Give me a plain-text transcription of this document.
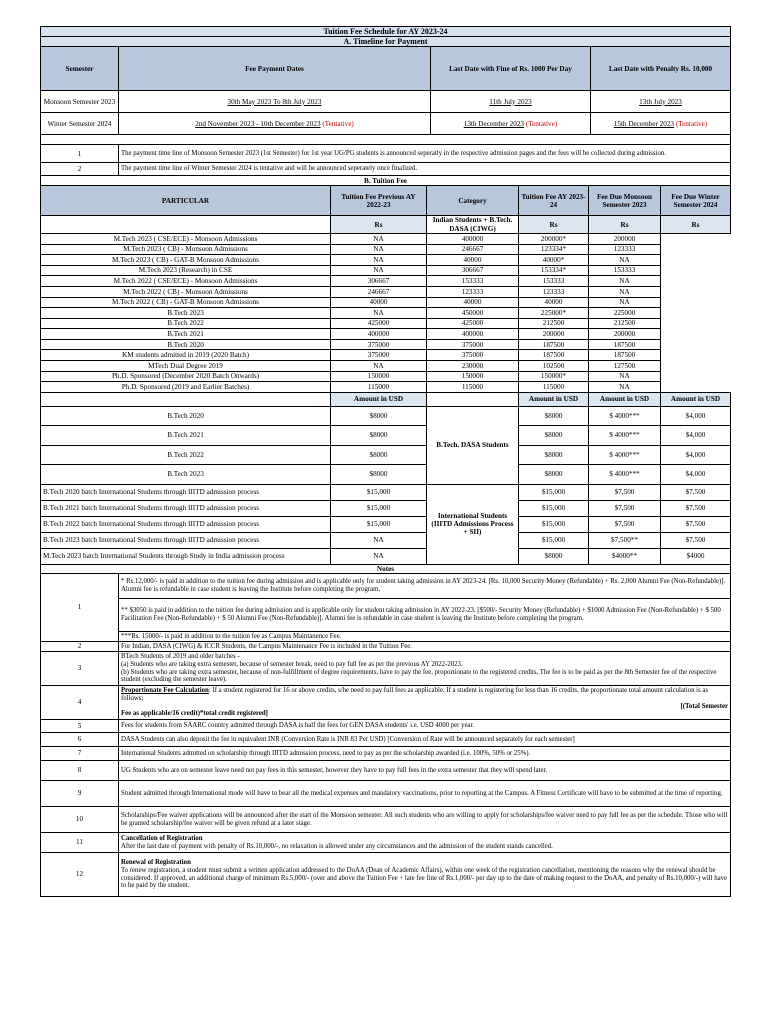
Tuition Fee Schedule for AY 2023-24			
A. Timeline for Payment			
Semester	Fee Payment Dates	Last Date with Fine of Rs. 1000 Per Day	Last Date with Penalty Rs. 10,000
Monsoon Semester 2023	30th May 2023 To 8th July 2023	11th July 2023	13th July 2023
Winter Semester 2024	2nd November 2023 - 10th December 2023 (Tentative)	13th December 2023 (Tentative)	15th December 2023 (Tentative)

1	The payment time line of Monsoon Semester 2023 (1st Semester) for 1st year UG/PG students is announced seperatly in the respective admission pages and the fees will be collected during admission.		
2	The payment time line of Winter Semester 2024 is tentative and will be announced seperately once finalized.		
B. Tuition Fee			
PARTICULAR	Tuition Fee Previous AY 2022-23	Category	Tuition Fee AY 2023-24	Fee Due Monsoon Semester 2023	Fee Due Winter Semester 2024
	Rs	Indian Students + B.Tech. DASA (CIWG)	Rs	Rs	Rs
M.Tech 2023 ( CSE/ECE) - Monsoon Admissions	NA	400000	200000*	200000	
M.Tech 2023 ( CB) - Monsoon Admissions	NA	246667	123334*	123333	
M.Tech 2023 ( CB) - GAT-B Monsoon Admissions	NA	40000	40000*	NA	
M.Tech 2023 (Research) in CSE	NA	306667	153334*	153333	
M.Tech 2022 ( CSE/ECE) - Monsoon Admissions	306667	153333	153333	NA	
M.Tech 2022 ( CB) - Monsoon Admissions	246667	123333	123333	NA	
M.Tech 2022 ( CB) - GAT-B Monsoon Admissions	40000	40000	40000	NA	
B.Tech 2023	NA	450000	225000*	225000	
B.Tech 2022	425000	425000	212500	212500	
B.Tech 2021	400000	400000	200000	200000	
B.Tech 2020	375000	375000	187500	187500	
KM students admitted in 2019 (2020 Batch)	375000	375000	187500	187500	
MTech Dual Degree 2019	NA	230000	102500	127500	
Ph.D. Sponsored (December 2020 Batch Onwards)	150000	150000	150000*	NA	
Ph.D. Sponsored (2019 and Earlier Batches)	115000	115000	115000	NA	
	Amount in USD		Amount in USD	Amount in USD	Amount in USD
B.Tech 2020	$8000	B.Tech. DASA Students	$8000	$ 4000***	$4,000
B.Tech 2021	$8000		$8000	$ 4000***	$4,000
B.Tech 2022	$8000		$8000	$ 4000***	$4,000
B.Tech 2023	$8000		$8000	$ 4000***	$4,000
B.Tech 2020 batch International Students through IIITD admission process	$15,000	International Students (IIITD Admissions Process + SII)	$15,000	$7,500	$7,500
B.Tech 2021 batch International Students through IIITD admission process	$15,000		$15,000	$7,500	$7,500
B.Tech 2022 batch International Students through IIITD admission process	$15,000		$15,000	$7,500	$7,500
B.Tech 2023 batch International Students through IIITD admission process	NA		$15,000	$7,500**	$7,500
M.Tech 2023 batch International Students through Study in India admission process	NA		$8000	$4000**	$4000
Notes	
1	* Rs.12,000/- is paid in addition to the tuition fee during admission and is applicable only for student taking admission in AY 2023-24. [Rs. 10,000 Security Money (Refundable) + Rs. 2,000 Alumni Fee (Non-Refundable)]. Alumni fee is refundable in case student is leaving the Institute before completing the program.
	** $3050 is paid in addition to the tuition fee during admission and is applicable only for student taking admission in AY 2022-23. [$500/- Security Money (Refundable) + $1000 Admission Fee (Non-Refundable) + $ 500 Facilitation Fee (Non-Refundable) + $ 50 Alumni Fee (Non-Refundable)]. Alumni fee is refundable in case student is leaving the Institute before completing the program.
	***Rs. 15000/- is paid in addition to the tuition fee as Campus Maintanence Fee.
2	For Indian, DASA (CIWG) & ICCR Students, the Campus Maintenance Fee is included in the Tuition Fee.
3	BTech Students of 2019 and older batches -
(a) Students who are taking extra semester, because of semester break, need to pay full fee as per the previous AY 2022-2023.
(b) Students who are taking extra semester, because of non-fulfillment of degree requirements, have to pay the fee, proportionate to the registered credits, The fee is to be paid as per the 8th Semester fee of the respective student (excluding the semester leave).

4	Proportionate Fee Calculation: If a student registered for 16 or above credits, s/he need to pay full fees as applicable. If a student is registering for less than 16 credits, the proportionate total amount calculation is as follows;
[(Total Semester
Fee as applicable/16 credit)*total credit registered]

5	Fees for students from SAARC country admitted through DASA is half the fees for GEN DASA students' i.e. USD 4000 per year.
6	DASA Students can also deposit the fee in equivalent INR (Conversion Rate is INR 83 Per USD) [Conversion of Rate will be announced separately for each semester]
7	International Students admitted on scholarship through IIITD admission process, need to pay as per the scholarship awarded (i.e. 100%, 50% or 25%).
8	UG Students who are on semester leave need not pay fees in this semester, however they have to pay full fees in the extra semester that they will spend later.
9	Student admitted through International mode will have to bear all the medical expenses and mandatory vaccinations, prior to reporting at the Campus. A Fitness Certificate will have to be submitted at the time of reporting.
10	Scholarships/Fee waiver applications will be announced after the start of the Monsoon semester. All such students who are willing to apply for scholarships/fee waiver need to pay full fee as per the schedule. Those who will be granted scholarship/fee waiver will be given refund at a later stage.
11	Cancellation of Registration
After the last date of payment with penalty of Rs.10,000/-, no relaxation is allowed under any circumstances and the admission of the student stands cancelled.

12	Renewal of Registration
To renew registration, a student must submit a written application addressed to the DoAA (Dean of Academic Affairs), within one week of the registration cancellation, mentioning the reasons why the renewal should be considered. If approved, an additional charge of minimum Rs.5,000/- (over and above the Tuition Fee + late fee fine of Rs.1,000/- per day up to the date of making request to the DoAA, and penalty of Rs.10,000/-) will have to be paid by the student.
